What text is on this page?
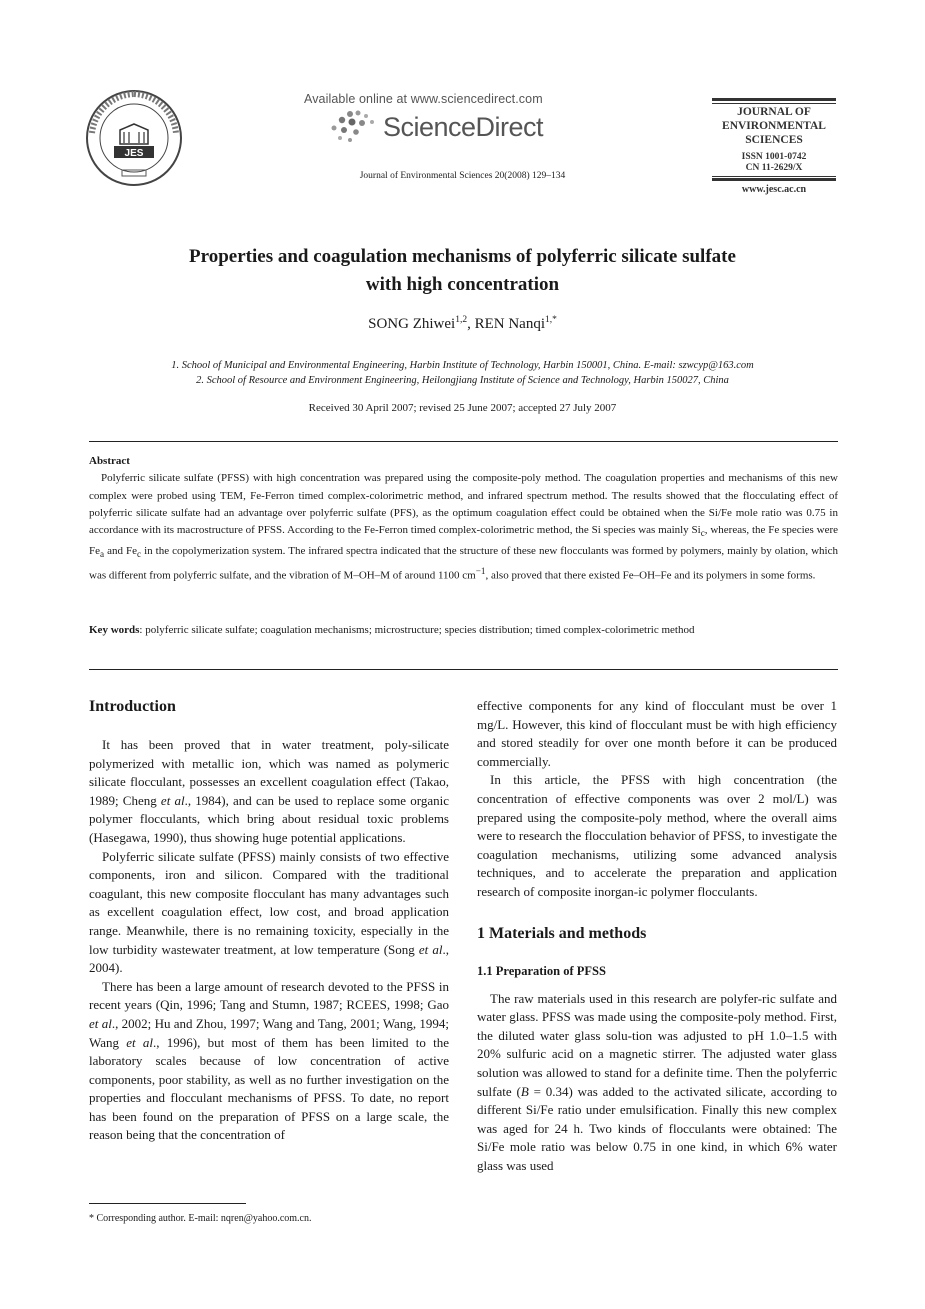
JES
Available online at www.sciencedirect.com
ScienceDirect
Journal of Environmental Sciences 20(2008) 129–134
JOURNAL OF
ENVIRONMENTAL
SCIENCES
ISSN 1001-0742
CN 11-2629/X
www.jesc.ac.cn
Properties and coagulation mechanisms of polyferric silicate sulfate
with high concentration
SONG Zhiwei$^{1,2}$, REN Nanqi$^{1,*}$
1. School of Municipal and Environmental Engineering, Harbin Institute of Technology, Harbin 150001, China. E-mail: szwcyp@163.com
2. School of Resource and Environment Engineering, Heilongjiang Institute of Science and Technology, Harbin 150027, China
Received 30 April 2007; revised 25 June 2007; accepted 27 July 2007
Abstract

Polyferric silicate sulfate (PFSS) with high concentration was prepared using the composite-poly method. The coagulation properties and mechanisms of this new complex were probed using TEM, Fe-Ferron timed complex-colorimetric method, and infrared spectrum method. The results showed that the flocculating effect of polyferric silicate sulfate had an advantage over polyferric sulfate (PFS), as the optimum coagulation effect could be obtained when the Si/Fe mole ratio was 0.75 in accordance with its macrostructure of PFSS. According to the Fe-Ferron timed complex-colorimetric method, the Si species was mainly $Si_c$, whereas, the Fe species were $Fe_a$ and $Fe_c$ in the copolymerization system. The infrared spectra indicated that the structure of these new flocculants was formed by polymers, mainly by olation, which was different from polyferric sulfate, and the vibration of M–OH–M of around 1100 $cm^{-1}$, also proved that there existed Fe–OH–Fe and its polymers in some forms.

Key words: polyferric silicate sulfate; coagulation mechanisms; microstructure; species distribution; timed complex-colorimetric method
Introduction

It has been proved that in water treatment, poly-silicate polymerized with metallic ion, which was named as polymeric silicate flocculant, possesses an excellent coagulation effect (Takao, 1989; Cheng et al., 1984), and can be used to replace some organic polymer flocculants, which bring about residual toxic problems (Hasegawa, 1990), thus showing huge potential applications.

Polyferric silicate sulfate (PFSS) mainly consists of two effective components, iron and silicon. Compared with the traditional coagulant, this new composite flocculant has many advantages such as excellent coagulation effect, low cost, and broad application range. Meanwhile, there is no remaining toxicity, especially in the low turbidity wastewater treatment, at low temperature (Song et al., 2004).

There has been a large amount of research devoted to the PFSS in recent years (Qin, 1996; Tang and Stumn, 1987; RCEES, 1998; Gao et al., 2002; Hu and Zhou, 1997; Wang and Tang, 2001; Wang, 1994; Wang et al., 1996), but most of them has been limited to the laboratory scales because of low concentration of active components, poor stability, as well as no further investigation on the properties and flocculant mechanisms of PFSS. To date, no report has been found on the preparation of PFSS on a large scale, the reason being that the concentration of

effective components for any kind of flocculant must be over 1 mg/L. However, this kind of flocculant must be with high efficiency and stored steadily for over one month before it can be produced commercially.

In this article, the PFSS with high concentration (the concentration of effective components was over 2 mol/L) was prepared using the composite-poly method, where the overall aims were to research the flocculation behavior of PFSS, to investigate the coagulation mechanisms, utilizing some advanced analysis techniques, and to accelerate the preparation and application research of composite inorgan-ic polymer flocculants.

1 Materials and methods
1.1 Preparation of PFSS

The raw materials used in this research are polyfer-ric sulfate and water glass. PFSS was made using the composite-poly method. First, the diluted water glass solu-tion was adjusted to pH 1.0–1.5 with 20% sulfuric acid on a magnetic stirrer. The adjusted water glass solution was allowed to stand for a definite time. Then the polyferric sulfate (B = 0.34) was added to the activated silicate, according to different Si/Fe ratio under emulsification. Finally this new complex was aged for 24 h. Two kinds of flocculants were obtained: The Si/Fe mole ratio was below 0.75 in one kind, in which 6% water glass was used

* Corresponding author. E-mail: nqren@yahoo.com.cn.
